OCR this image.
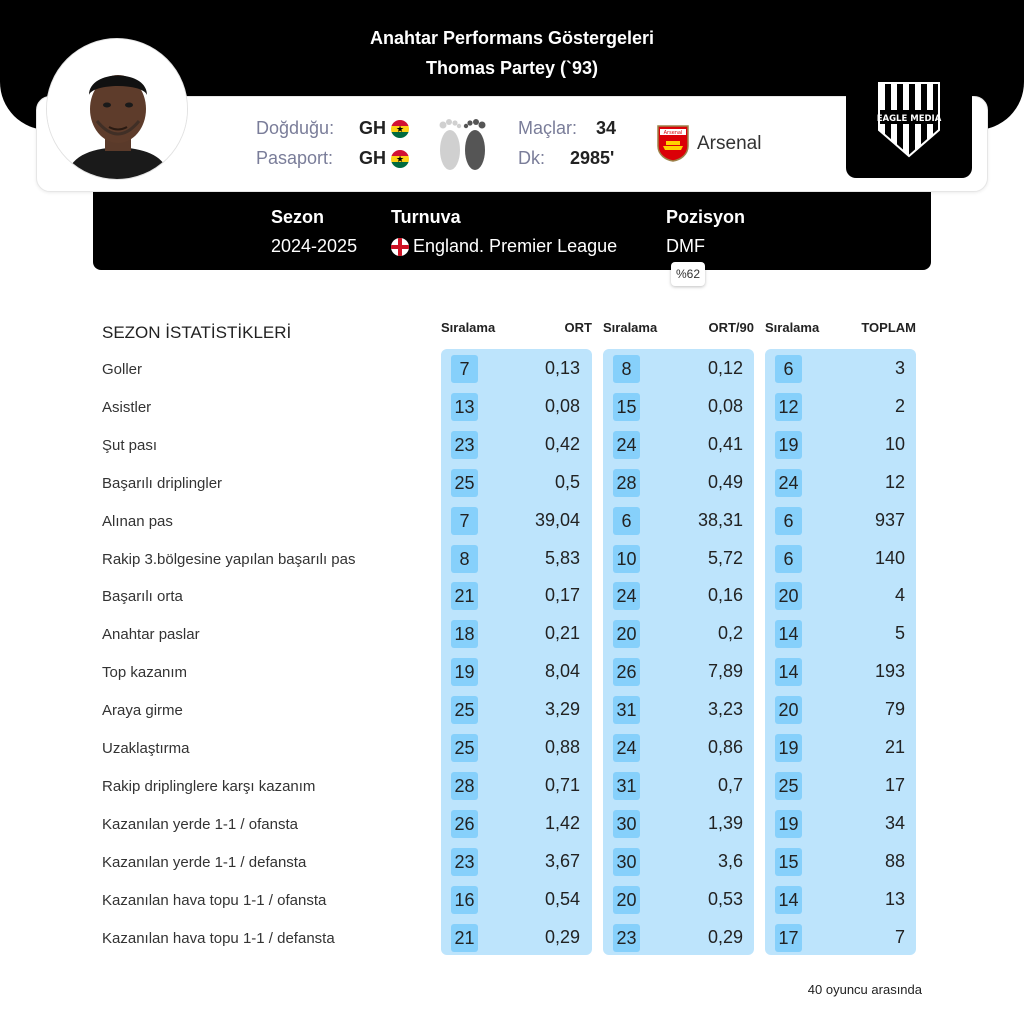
Anahtar Performans Göstergeleri
Thomas Partey (`93)
Doğduğu: GH
★
Pasaport: GH
★
Maçlar: 34
Dk: 2985'
Arsenal Arsenal
EAGLE MEDIA
Sezon
2024-2025
Turnuva
England. Premier League
Pozisyon
DMF
%62
SEZON İSTATİSTİKLERİ	Sıralama	ORT Sıralama	ORT/90 Sıralama	TOPLAM
Goller	7	0,13	8	0,12	6	3
Asistler	13	0,08 15	0,08 12	2
Şut pası	23	0,42 24	0,41 19	10
Başarılı driplingler	25	0,5 28	0,49 24	12
Alınan pas	7	39,04	6	38,31	6	937
Rakip 3.bölgesine yapılan başarılı pas	8	5,83 10	5,72	6	140
Başarılı orta	21	0,17 24	0,16 20	4
Anahtar paslar	18	0,21 20	0,2 14	5
Top kazanım	19	8,04 26	7,89 14	193
Araya girme	25	3,29 31	3,23 20	79
Uzaklaştırma	25	0,88 24	0,86 19	21
Rakip driplinglere karşı kazanım	28	0,71 31	0,7 25	17
Kazanılan yerde 1-1 / ofansta	26	1,42 30	1,39 19	34
Kazanılan yerde 1-1 / defansta	23	3,67 30	3,6 15	88
Kazanılan hava topu 1-1 / ofansta	16	0,54 20	0,53 14	13
Kazanılan hava topu 1-1 / defansta	21	0,29 23	0,29 17	7
40 oyuncu arasında
